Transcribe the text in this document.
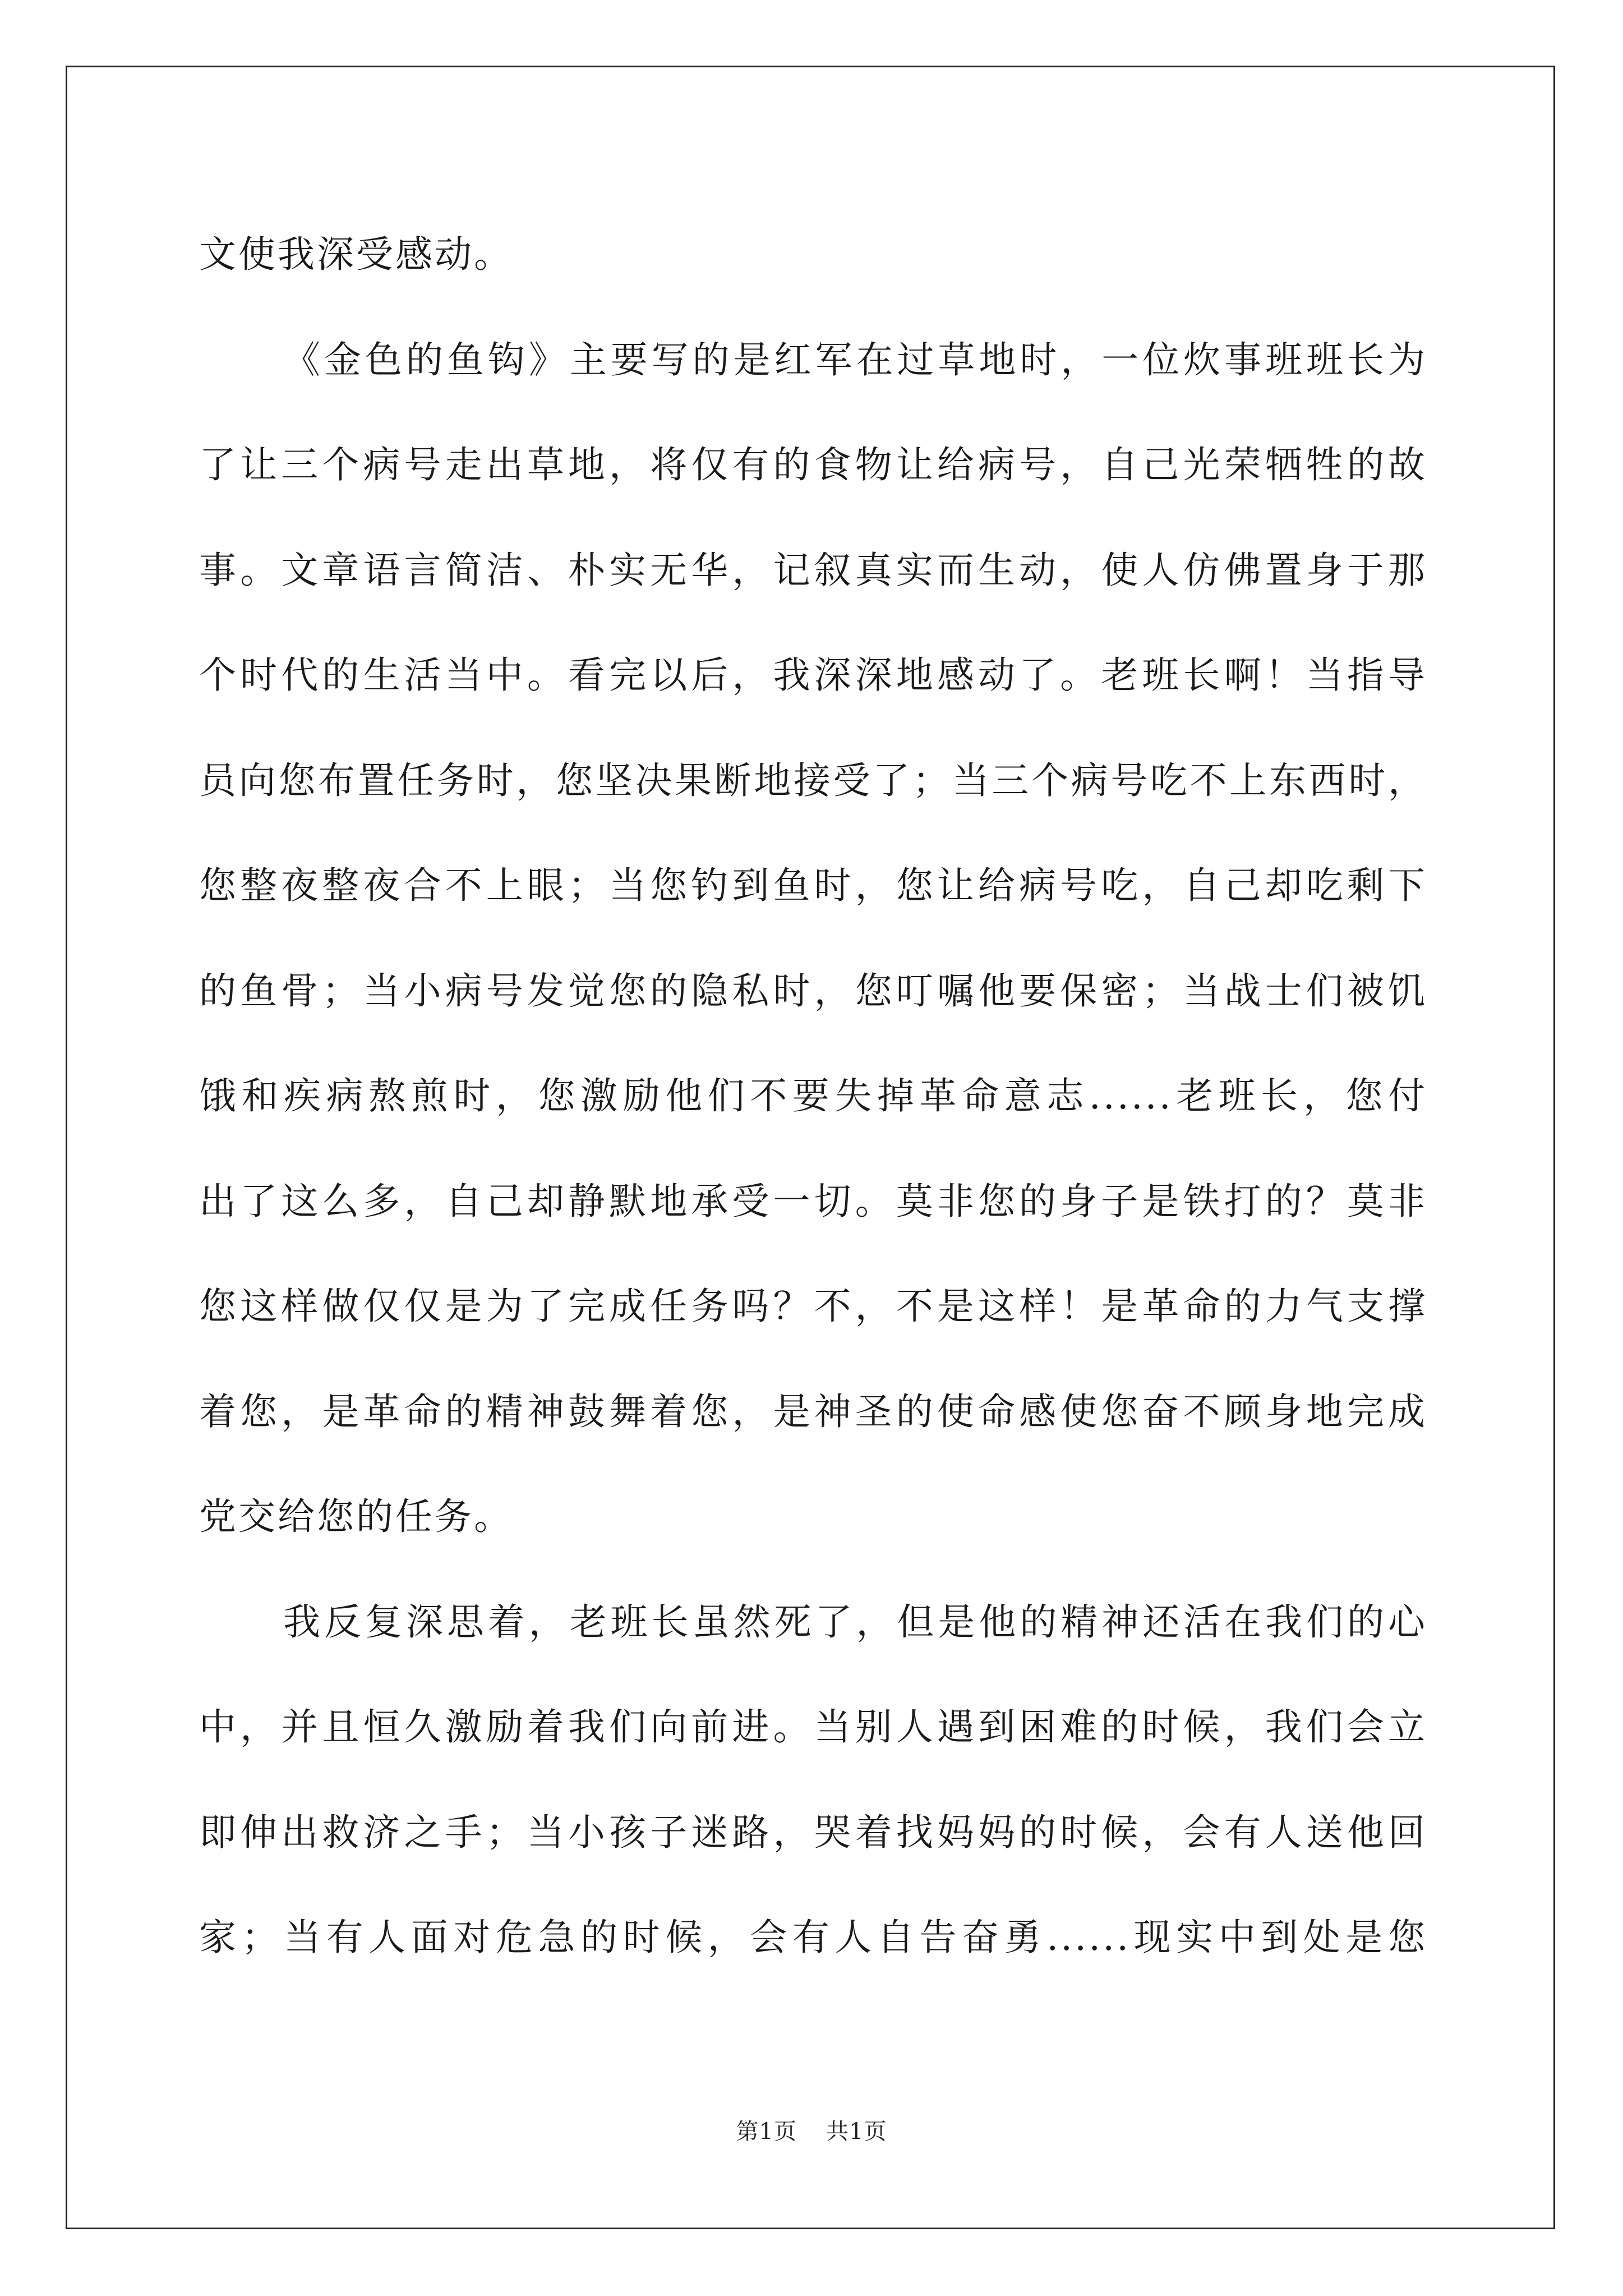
文使我深受感动。
《金色的鱼钩》主要写的是红军在过草地时，一位炊事班班长为
了让三个病号走出草地，将仅有的食物让给病号，自己光荣牺牲的故
事。文章语言简洁、朴实无华，记叙真实而生动，使人仿佛置身于那
个时代的生活当中。看完以后，我深深地感动了。老班长啊！当指导
员向您布置任务时，您坚决果断地接受了；当三个病号吃不上东西时，
您整夜整夜合不上眼；当您钓到鱼时，您让给病号吃，自己却吃剩下
的鱼骨；当小病号发觉您的隐私时，您叮嘱他要保密；当战士们被饥
饿和疾病熬煎时，您激励他们不要失掉革命意志......老班长，您付
出了这么多，自己却静默地承受一切。莫非您的身子是铁打的？莫非
您这样做仅仅是为了完成任务吗？不，不是这样！是革命的力气支撑
着您，是革命的精神鼓舞着您，是神圣的使命感使您奋不顾身地完成
党交给您的任务。
我反复深思着，老班长虽然死了，但是他的精神还活在我们的心
中，并且恒久激励着我们向前进。当别人遇到困难的时候，我们会立
即伸出救济之手；当小孩子迷路，哭着找妈妈的时候，会有人送他回
家；当有人面对危急的时候，会有人自告奋勇......现实中到处是您
第1页 共1页
